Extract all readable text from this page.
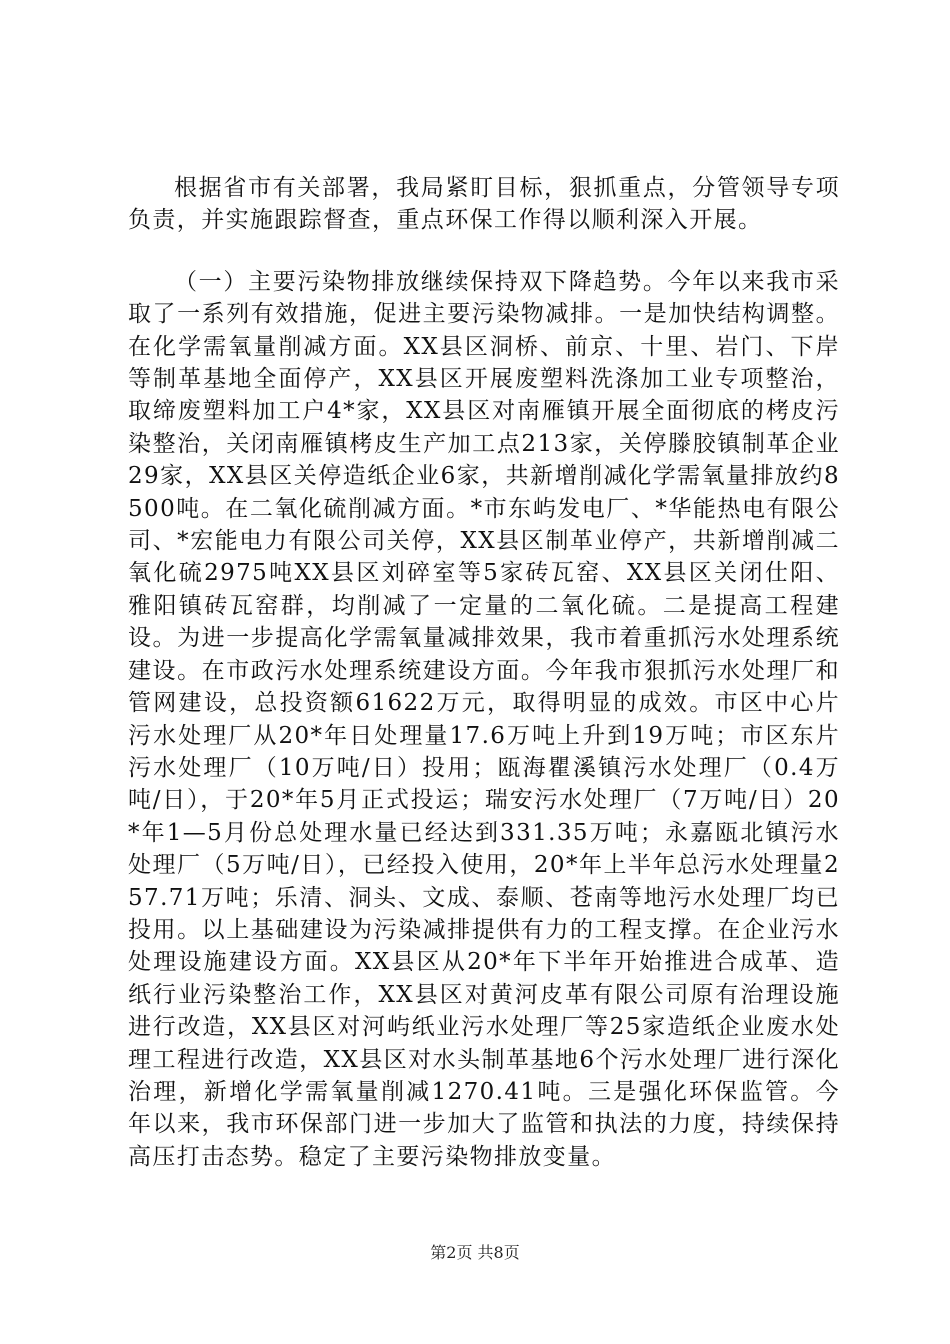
根据省市有关部署，我局紧盯目标，狠抓重点，分管领导专项负责，并实施跟踪督查，重点环保工作得以顺利深入开展。

（一）主要污染物排放继续保持双下降趋势。今年以来我市采取了一系列有效措施，促进主要污染物减排。一是加快结构调整。在化学需氧量削减方面。XX县区洞桥、前京、十里、岩门、下岸等制革基地全面停产，XX县区开展废塑料洗涤加工业专项整治，取缔废塑料加工户4*家，XX县区对南雁镇开展全面彻底的栲皮污染整治，关闭南雁镇栲皮生产加工点213家，关停滕胶镇制革企业29家，XX县区关停造纸企业6家，共新增削减化学需氧量排放约8500吨。在二氧化硫削减方面。*市东屿发电厂、*华能热电有限公司、*宏能电力有限公司关停，XX县区制革业停产，共新增削减二氧化硫2975吨XX县区刘碎室等5家砖瓦窑、XX县区关闭仕阳、雅阳镇砖瓦窑群，均削减了一定量的二氧化硫。二是提高工程建设。为进一步提高化学需氧量减排效果，我市着重抓污水处理系统建设。在市政污水处理系统建设方面。今年我市狠抓污水处理厂和管网建设，总投资额61622万元，取得明显的成效。市区中心片污水处理厂从20*年日处理量17.6万吨上升到19万吨；市区东片污水处理厂（10万吨/日）投用；瓯海瞿溪镇污水处理厂（0.4万吨/日），于20*年5月正式投运；瑞安污水处理厂（7万吨/日）20*年1—5月份总处理水量已经达到331.35万吨；永嘉瓯北镇污水处理厂（5万吨/日），已经投入使用，20*年上半年总污水处理量257.71万吨；乐清、洞头、文成、泰顺、苍南等地污水处理厂均已投用。以上基础建设为污染减排提供有力的工程支撑。在企业污水处理设施建设方面。XX县区从20*年下半年开始推进合成革、造纸行业污染整治工作，XX县区对黄河皮革有限公司原有治理设施进行改造，XX县区对河屿纸业污水处理厂等25家造纸企业废水处理工程进行改造，XX县区对水头制革基地6个污水处理厂进行深化治理，新增化学需氧量削减1270.41吨。三是强化环保监管。今年以来，我市环保部门进一步加大了监管和执法的力度，持续保持高压打击态势。稳定了主要污染物排放变量。

第2页 共8页
